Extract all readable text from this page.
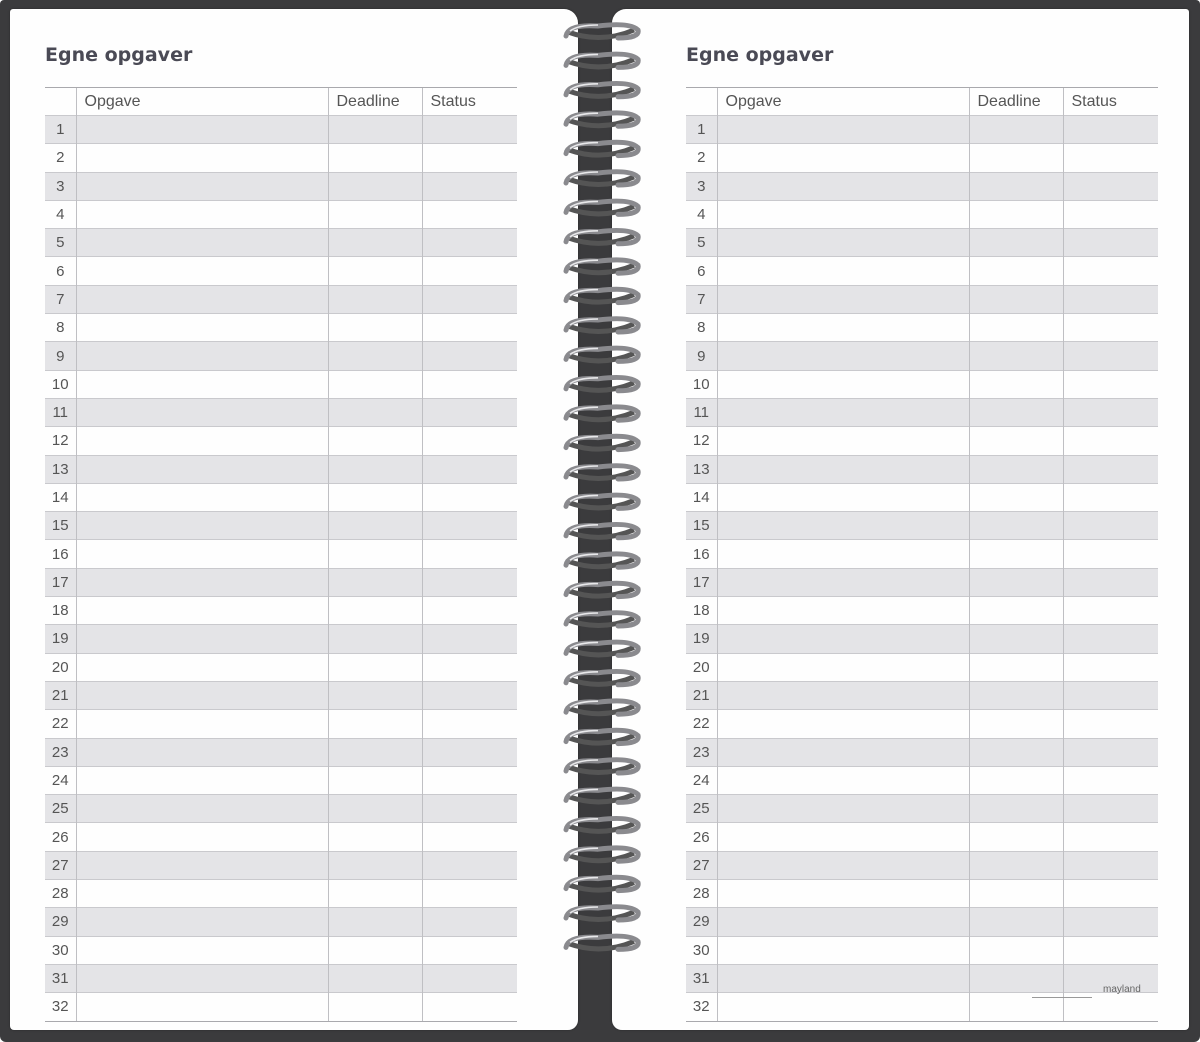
Egne opgaver
	Opgave	Deadline	Status
1			
2			
3			
4			
5			
6			
7			
8			
9			
10			
11			
12			
13			
14			
15			
16			
17			
18			
19			
20			
21			
22			
23			
24			
25			
26			
27			
28			
29			
30			
31			
32			
Egne opgaver
	Opgave	Deadline	Status
1			
2			
3			
4			
5			
6			
7			
8			
9			
10			
11			
12			
13			
14			
15			
16			
17			
18			
19			
20			
21			
22			
23			
24			
25			
26			
27			
28			
29			
30			
31			
32			
mayland
